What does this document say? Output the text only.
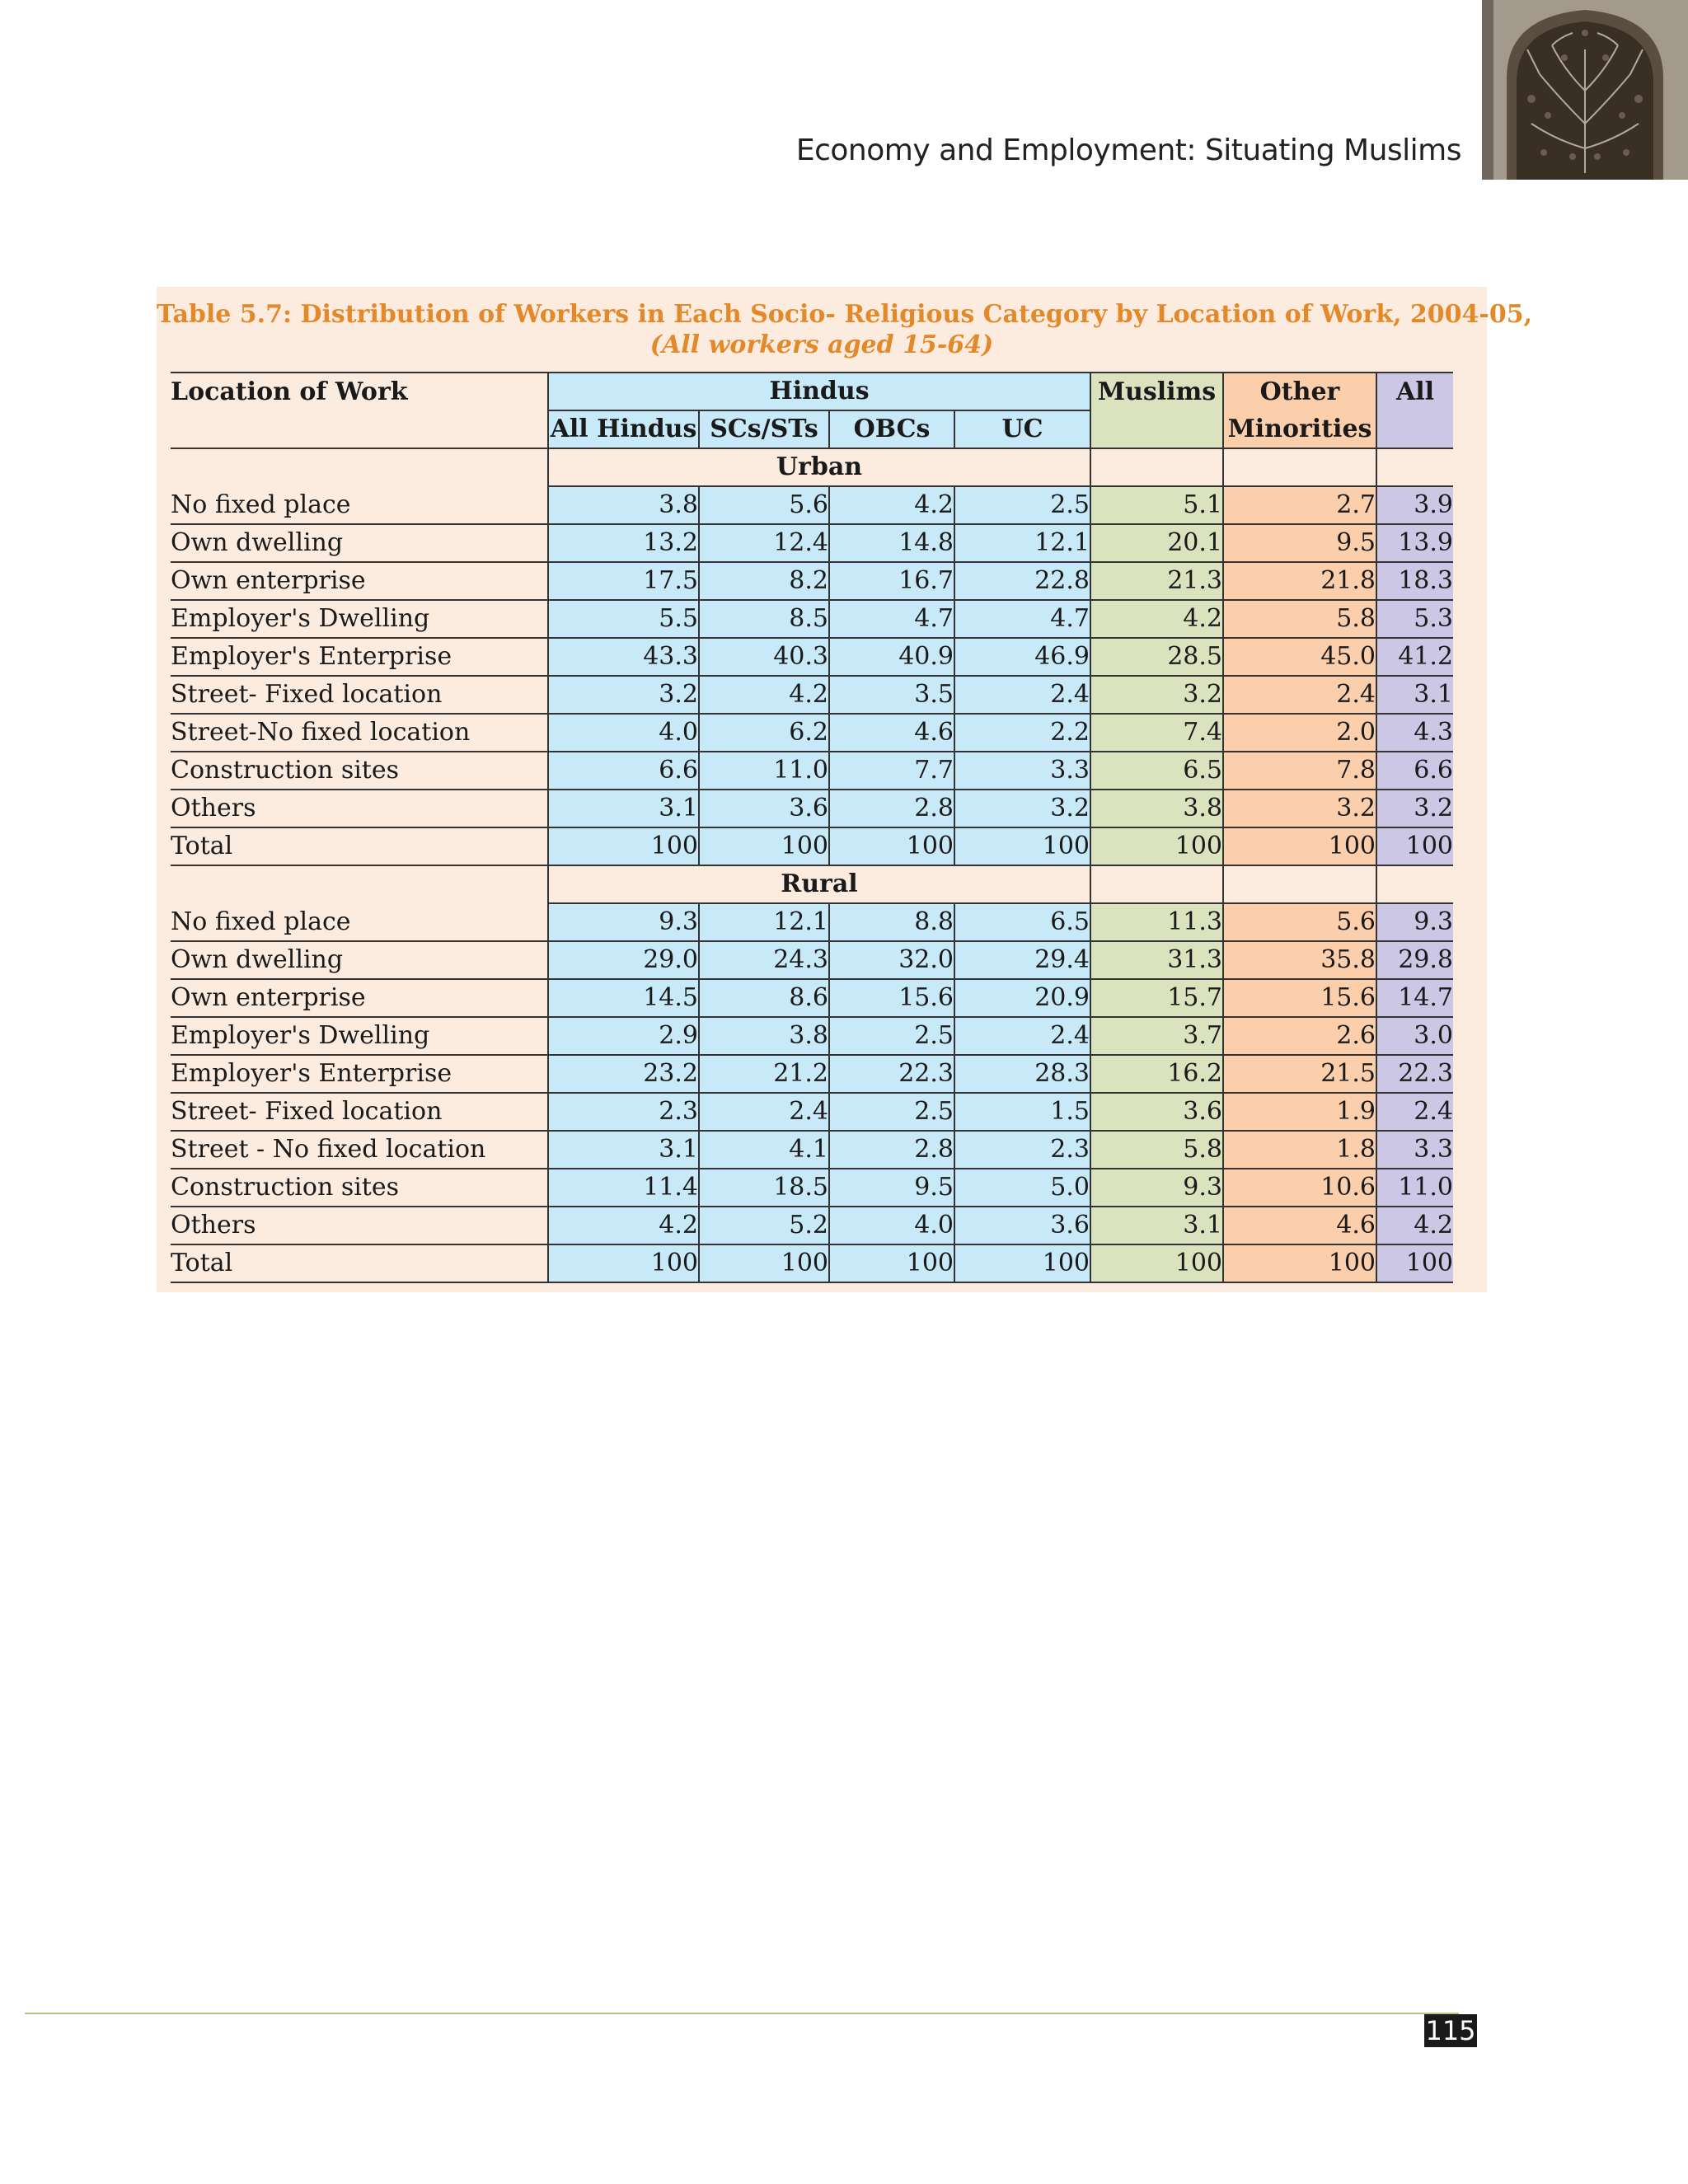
Economy and Employment: Situating Muslims
Table 5.7: Distribution of Workers in Each Socio- Religious Category by Location of Work, 2004-05,
(All workers aged 15-64)
Location of Work	Hindus				Muslims	Other	All
	All Hindus	SCs/STs	OBCs	UC		Minorities	
	Urban						
No fixed place	3.8	5.6	4.2	2.5	5.1	2.7	3.9
Own dwelling	13.2	12.4	14.8	12.1	20.1	9.5	13.9
Own enterprise	17.5	8.2	16.7	22.8	21.3	21.8	18.3
Employer's Dwelling	5.5	8.5	4.7	4.7	4.2	5.8	5.3
Employer's Enterprise	43.3	40.3	40.9	46.9	28.5	45.0	41.2
Street- Fixed location	3.2	4.2	3.5	2.4	3.2	2.4	3.1
Street-No fixed location	4.0	6.2	4.6	2.2	7.4	2.0	4.3
Construction sites	6.6	11.0	7.7	3.3	6.5	7.8	6.6
Others	3.1	3.6	2.8	3.2	3.8	3.2	3.2
Total	100	100	100	100	100	100	100
	Rural						
No fixed place	9.3	12.1	8.8	6.5	11.3	5.6	9.3
Own dwelling	29.0	24.3	32.0	29.4	31.3	35.8	29.8
Own enterprise	14.5	8.6	15.6	20.9	15.7	15.6	14.7
Employer's Dwelling	2.9	3.8	2.5	2.4	3.7	2.6	3.0
Employer's Enterprise	23.2	21.2	22.3	28.3	16.2	21.5	22.3
Street- Fixed location	2.3	2.4	2.5	1.5	3.6	1.9	2.4
Street - No fixed location	3.1	4.1	2.8	2.3	5.8	1.8	3.3
Construction sites	11.4	18.5	9.5	5.0	9.3	10.6	11.0
Others	4.2	5.2	4.0	3.6	3.1	4.6	4.2
Total	100	100	100	100	100	100	100
115
